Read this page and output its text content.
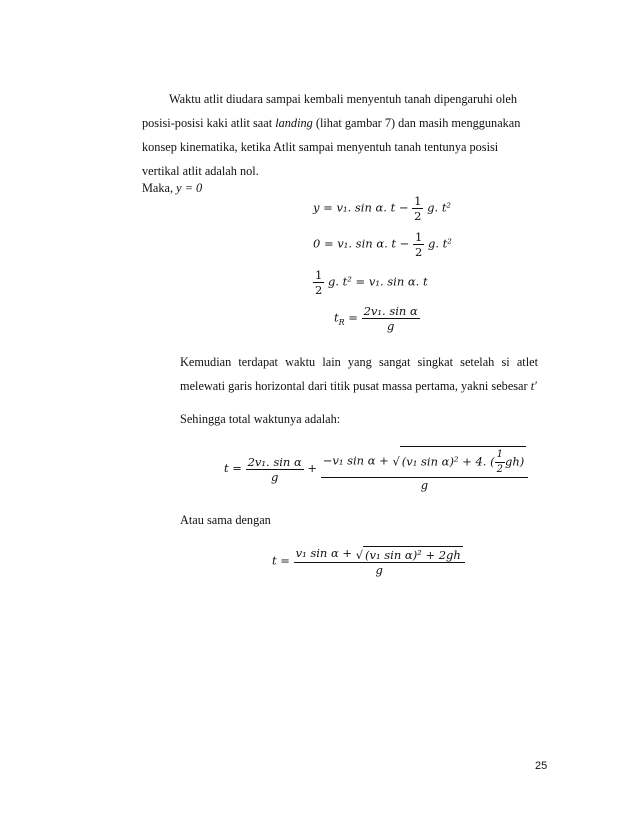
Waktu atlit diudara sampai kembali menyentuh tanah dipengaruhi oleh
posisi-posisi kaki atlit saat landing (lihat gambar 7) dan masih menggunakan
konsep kinematika, ketika Atlit sampai menyentuh tanah tentunya posisi
vertikal atlit adalah nol.
Maka, y = 0
y = v₁. sin α. $t - \frac{1}{2} g$. t²
0 = v₁. sin α. $t - \frac{1}{2} g$. t²
$\frac{1}{2} g$. t² = v₁. sin α. t
$t_R = \frac{\text{2v₁. sin α}}{g}$
Kemudian terdapat waktu lain yang sangat singkat setelah si atlet
melewati garis horizontal dari titik pusat massa pertama, yakni sebesar t′
Sehingga total waktunya adalah:
$t = \frac{\text{2v₁. sin α}}{g} + \frac{-v_1 \sin \alpha + √ (v_1 \sin \alpha)^2 + 4. ( \frac{1}{2} gh)}{g}$
Atau sama dengan
$t = \frac{\text{v₁ sin α + √ (v₁ sin α)² + 2gh}}{g}$
25
